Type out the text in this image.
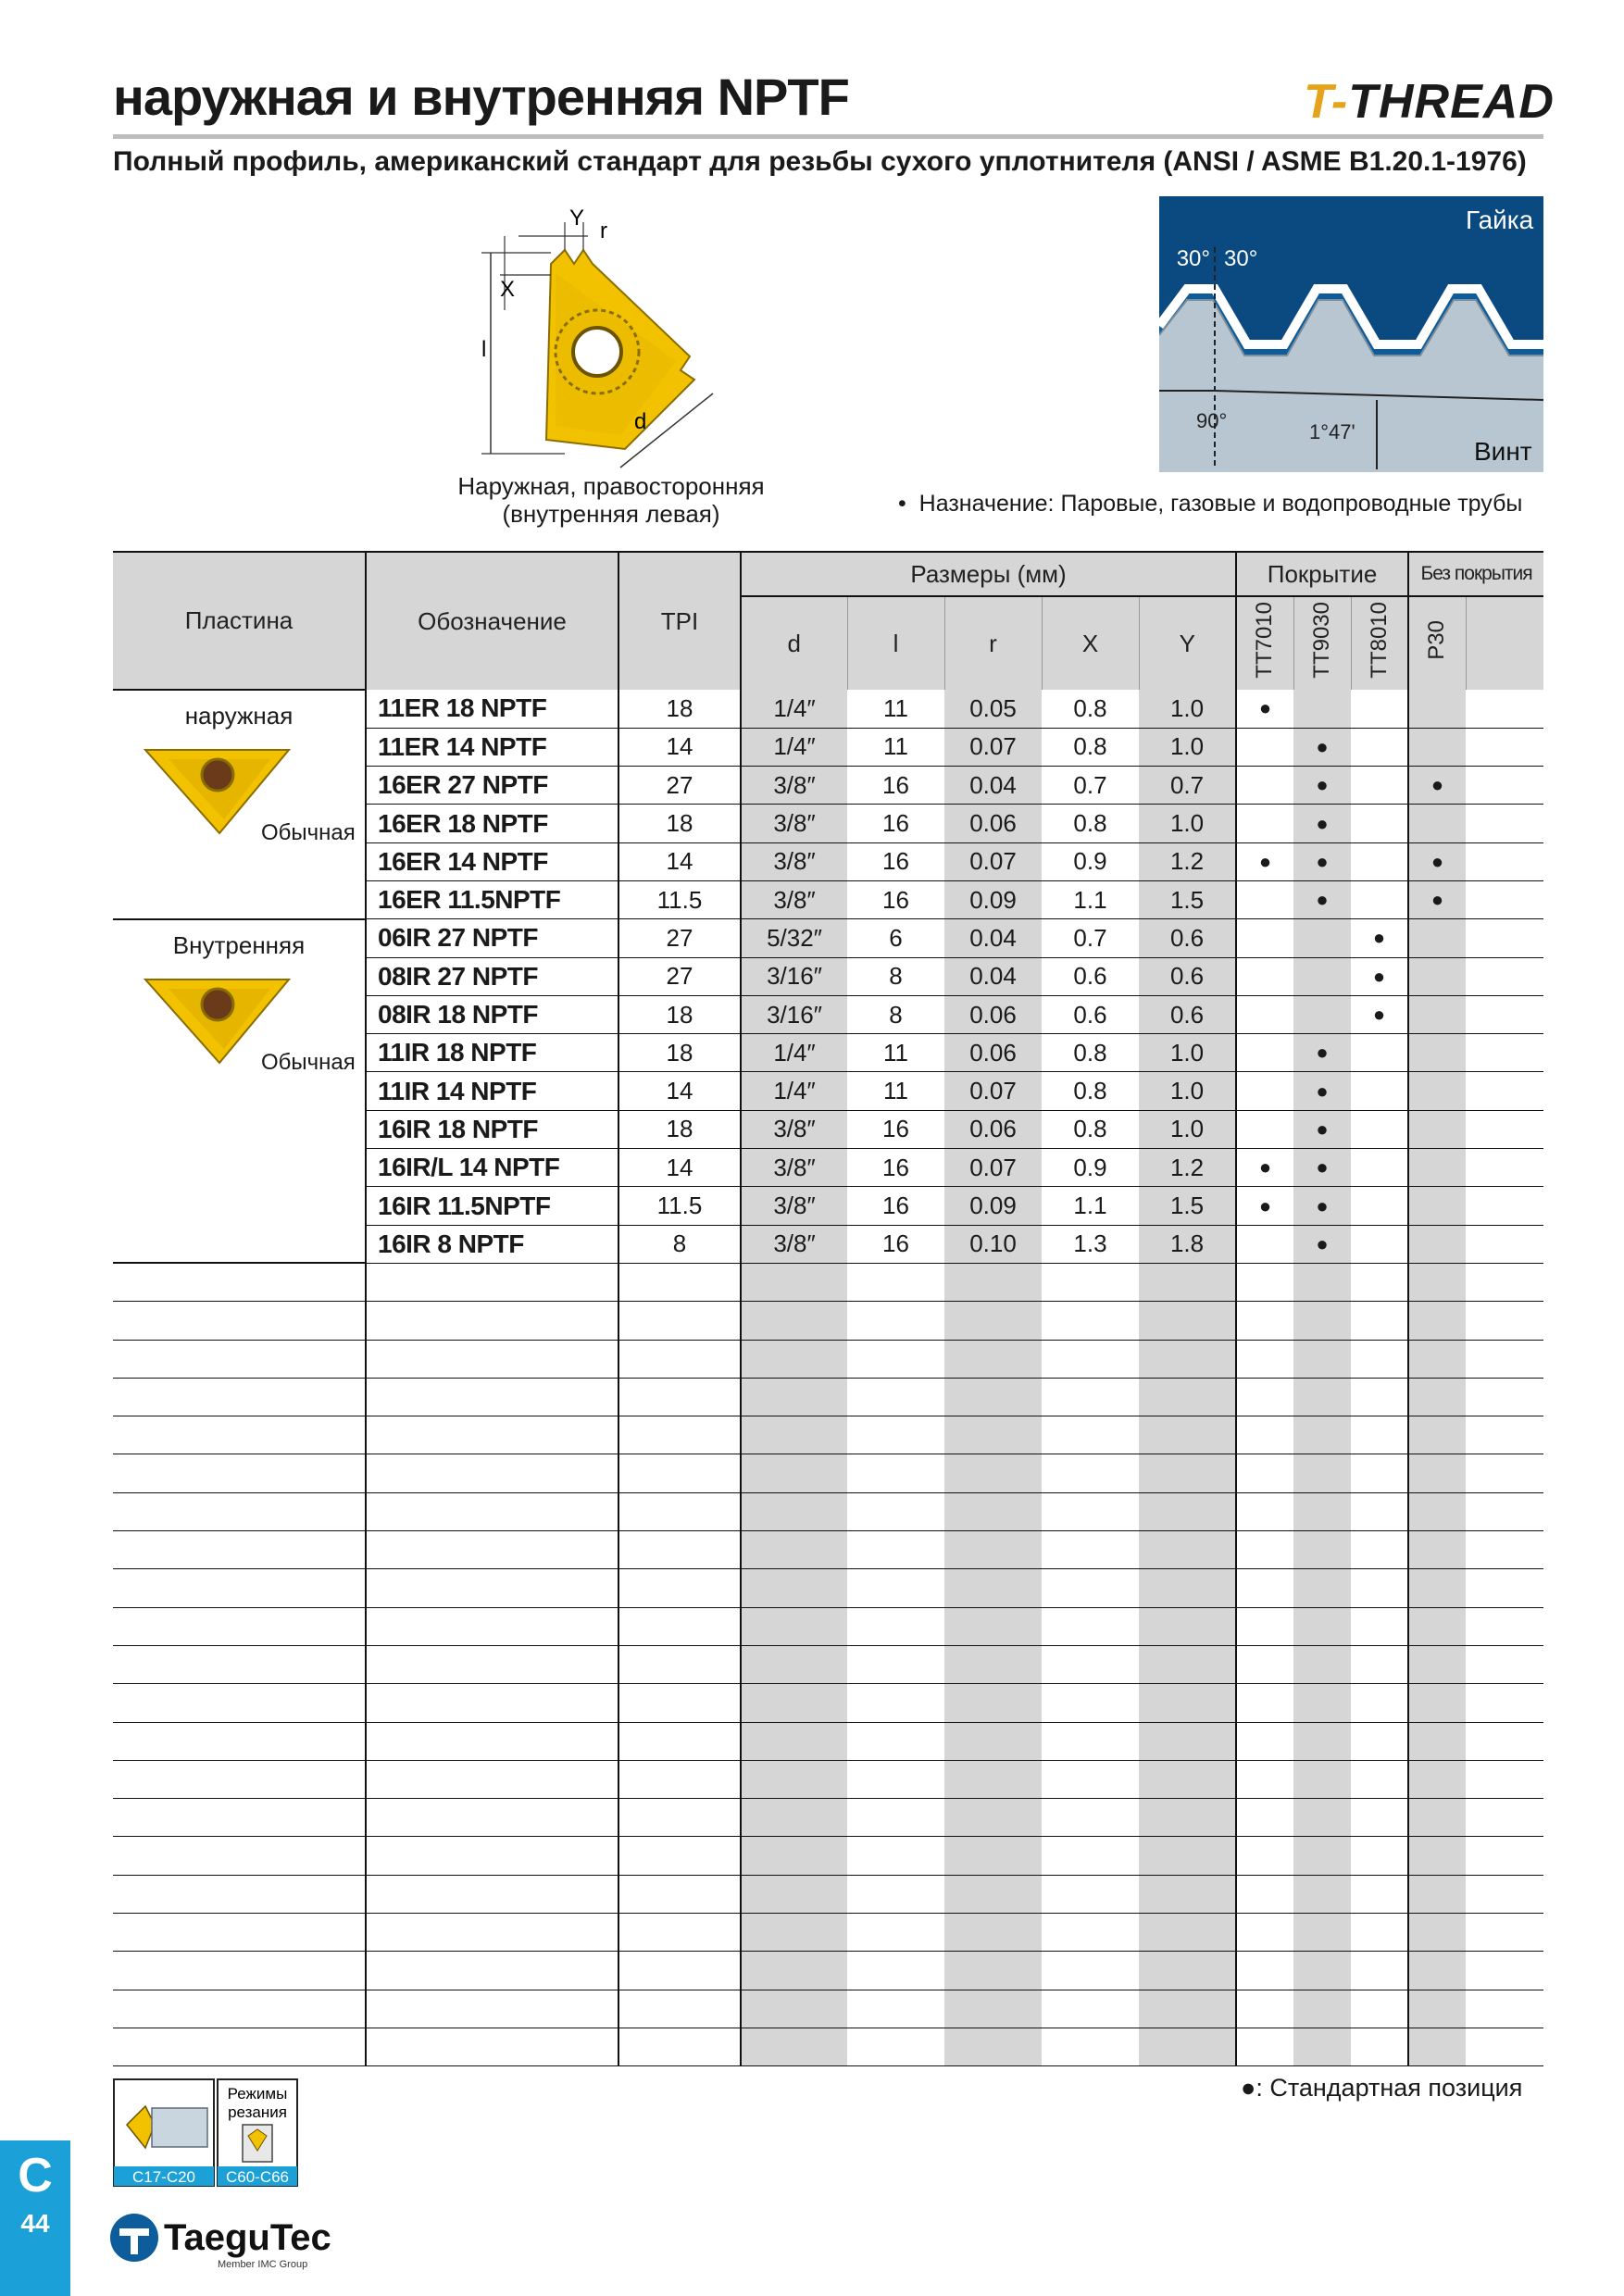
наружная и внутренняя NPTF	T-THREAD
Полный профиль, американский стандарт для резьбы сухого уплотнителя (ANSI / ASME B1.20.1-1976)
l
X
Y
r
d
Наружная, правосторонняя
(внутренняя левая)
Гайка
30° 30°
90°	1°47'
Винт
•  Назначение: Паровые, газовые и водопроводные трубы
Пластина	Обозначение	TPI	Размеры (мм)					Покрытие			Без покрытия	
			d	l	r	X	Y	TT7010	TT9030	TT8010	P30	

наружная
Обычная	11ER 18 NPTF	18	1/4″	11	0.05	0.8	1.0	●				
	11ER 14 NPTF	14	1/4″	11	0.07	0.8	1.0		●			
	16ER 27 NPTF	27	3/8″	16	0.04	0.7	0.7		●		●	
	16ER 18 NPTF	18	3/8″	16	0.06	0.8	1.0		●			
	16ER 14 NPTF	14	3/8″	16	0.07	0.9	1.2	●	●		●	
	16ER 11.5NPTF	11.5	3/8″	16	0.09	1.1	1.5		●		●	

Внутренняя
Обычная	06IR 27 NPTF	27	5/32″	6	0.04	0.7	0.6			●		
	08IR 27 NPTF	27	3/16″	8	0.04	0.6	0.6			●		
	08IR 18 NPTF	18	3/16″	8	0.06	0.6	0.6			●		
	11IR 18 NPTF	18	1/4″	11	0.06	0.8	1.0		●			
	11IR 14 NPTF	14	1/4″	11	0.07	0.8	1.0		●			
	16IR 18 NPTF	18	3/8″	16	0.06	0.8	1.0		●			
	16IR/L 14 NPTF	14	3/8″	16	0.07	0.9	1.2	●	●			
	16IR 11.5NPTF	11.5	3/8″	16	0.09	1.1	1.5	●	●			
	16IR 8 NPTF	8	3/8″	16	0.10	1.3	1.8		●			

C17-C20
Режимы
резания
C60-C66
●: Стандартная позиция
C
44	TaeguTec
Member IMC Group
